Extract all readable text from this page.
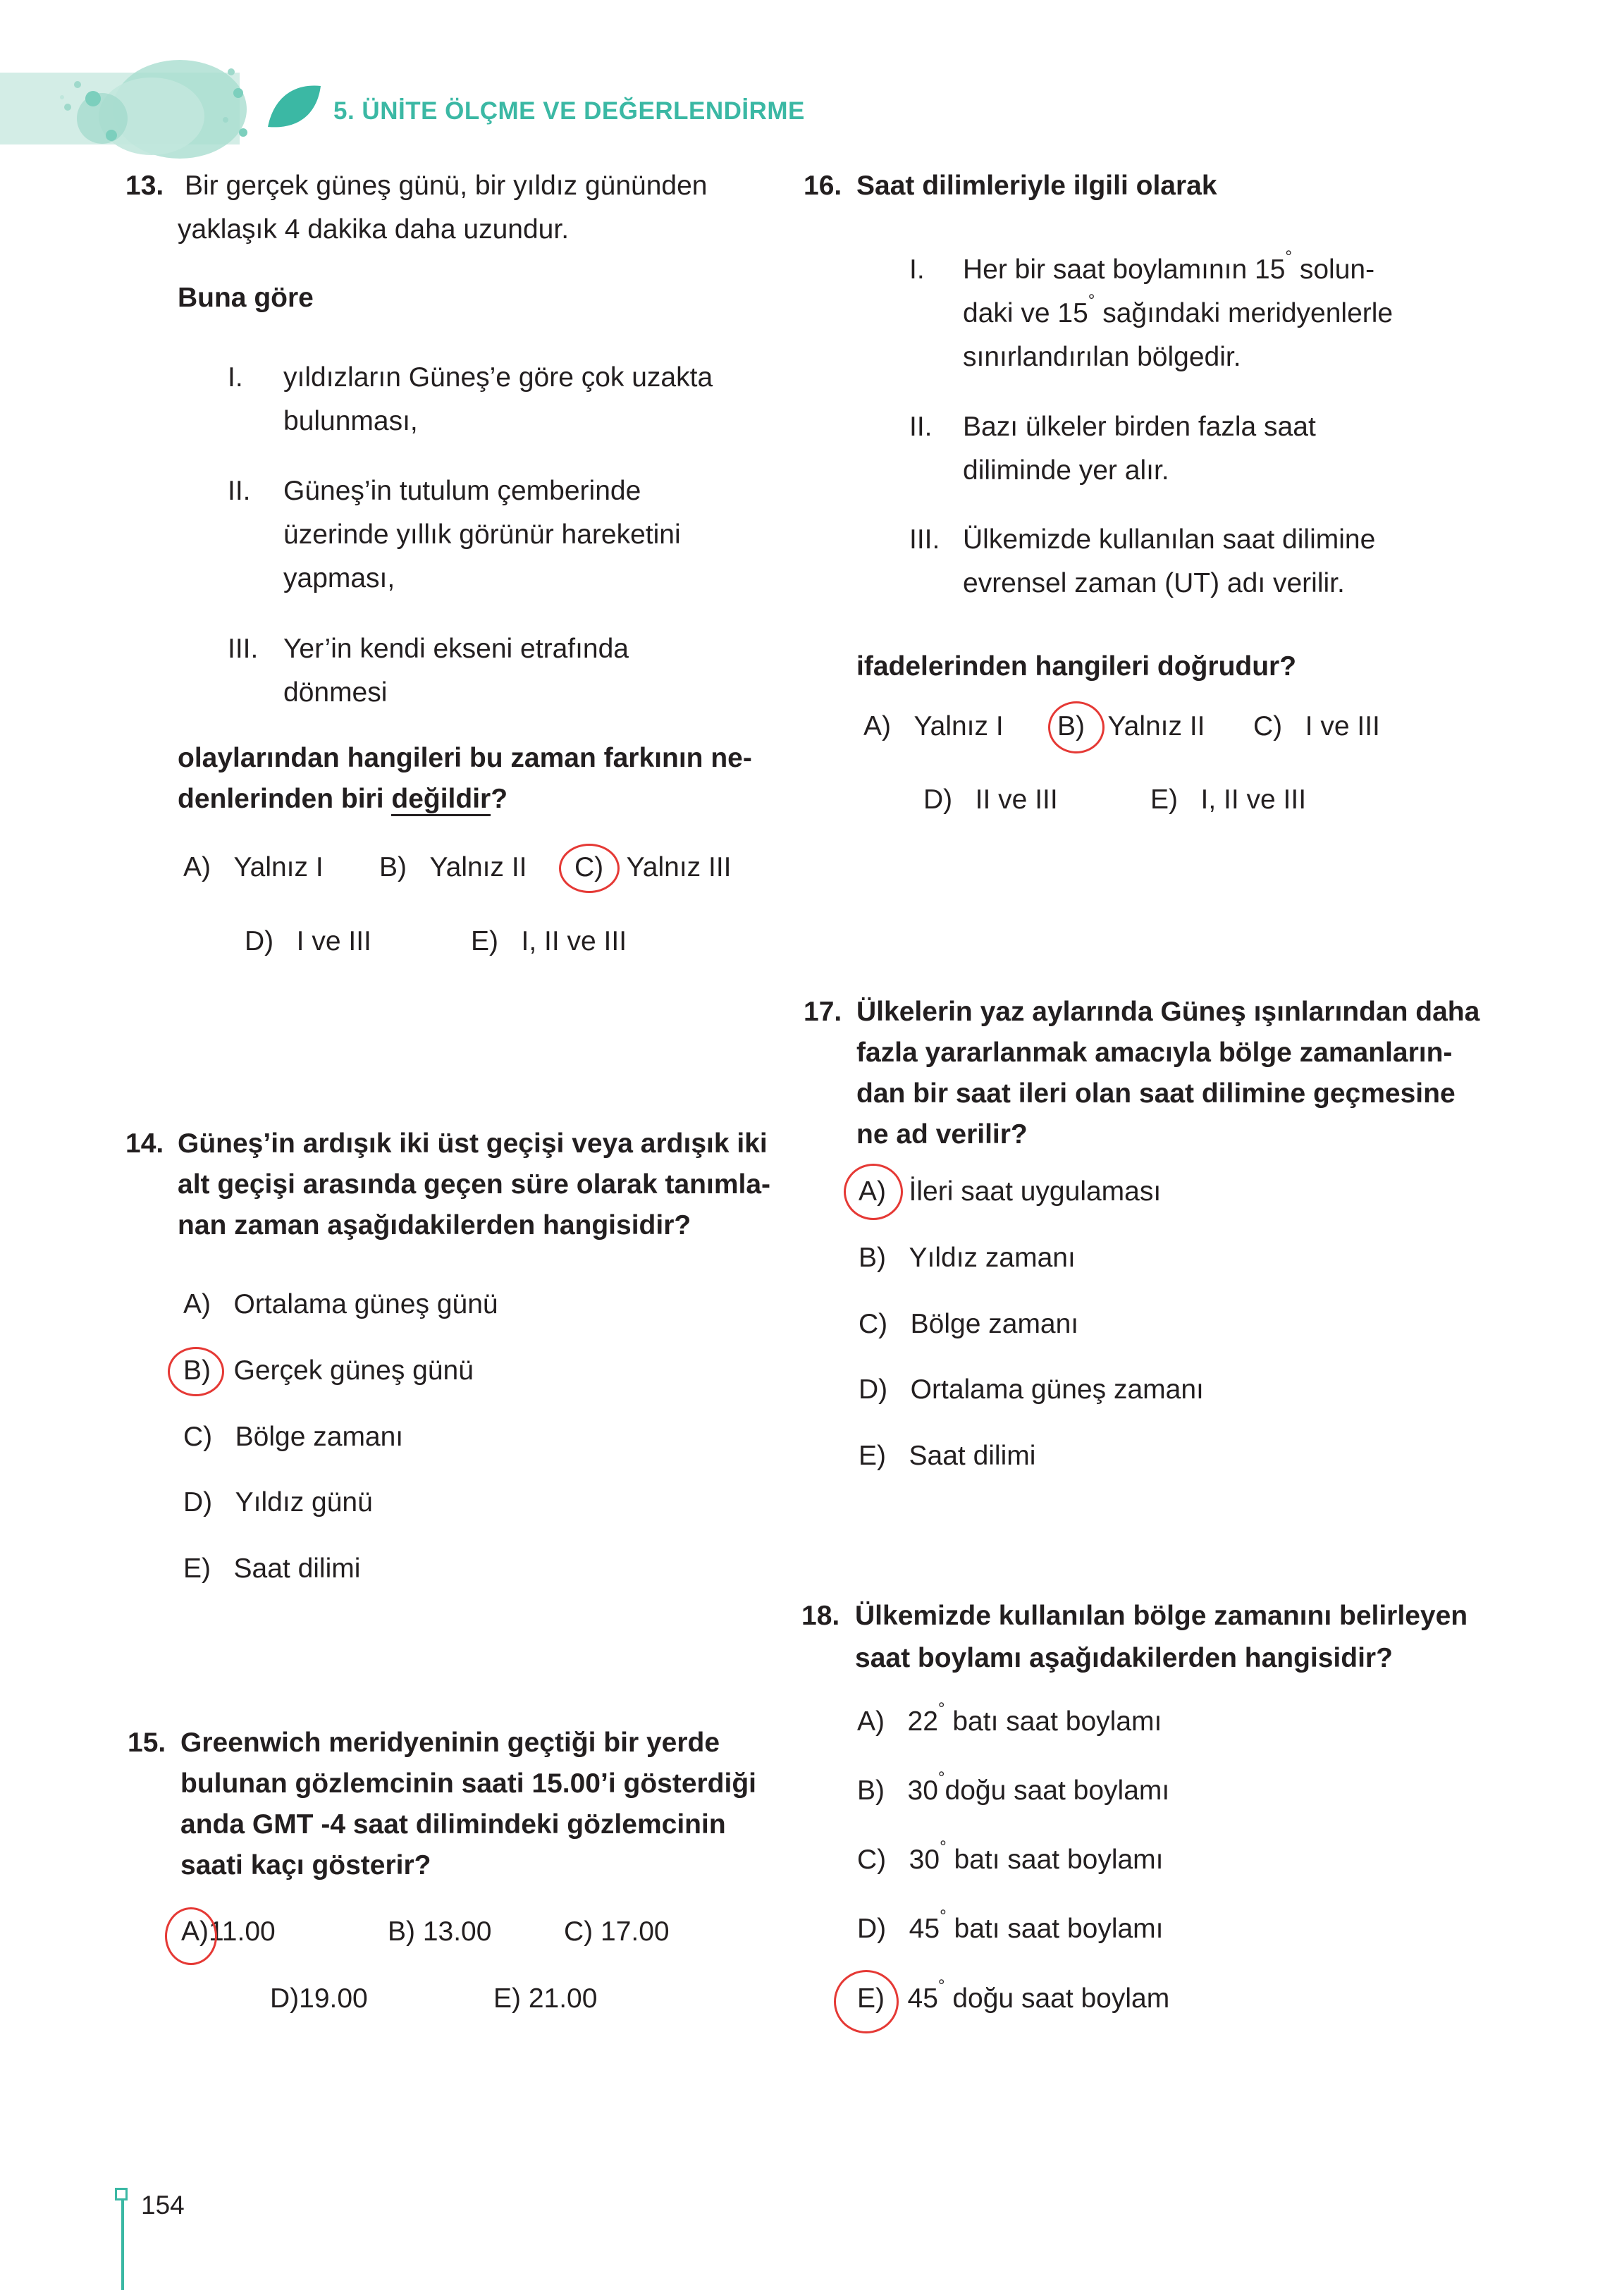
5. ÜNİTE ÖLÇME VE DEĞERLENDİRME
13. Bir gerçek güneş günü, bir yıldız gününden
yaklaşık 4 dakika daha uzundur.
Buna göre
I. yıldızların Güneş’e göre çok uzakta
bulunması,
II. Güneş’in tutulum çemberinde
üzerinde yıllık görünür hareketini
yapması,
III. Yer’in kendi ekseni etrafında
dönmesi
olaylarından hangileri bu zaman farkının ne-
denlerinden biri değildir?
A) Yalnız I B) Yalnız II C) Yalnız III
D) I ve III	E) I, II ve III
14. Güneş’in ardışık iki üst geçişi veya ardışık iki
alt geçişi arasında geçen süre olarak tanımla-
nan zaman aşağıdakilerden hangisidir?
A) Ortalama güneş günü
B) Gerçek güneş günü
C) Bölge zamanı
D) Yıldız günü
E) Saat dilimi
15. Greenwich meridyeninin geçtiği bir yerde
bulunan gözlemcinin saati 15.00’i gösterdiği
anda GMT -4 saat dilimindeki gözlemcinin
saati kaçı gösterir?
A)11.00	B) 13.00	C) 17.00
D)19.00	E) 21.00
16. Saat dilimleriyle ilgili olarak
I. Her bir saat boylamının 15° solun-
daki ve 15° sağındaki meridyenlerle
sınırlandırılan bölgedir.
II. Bazı ülkeler birden fazla saat
diliminde yer alır.
III. Ülkemizde kullanılan saat dilimine
evrensel zaman (UT) adı verilir.
ifadelerinden hangileri doğrudur?
A) Yalnız I B) Yalnız II C) I ve III
D) II ve III	E) I, II ve III
17. Ülkelerin yaz aylarında Güneş ışınlarından daha
fazla yararlanmak amacıyla bölge zamanların-
dan bir saat ileri olan saat dilimine geçmesine
ne ad verilir?
A) İleri saat uygulaması
B) Yıldız zamanı
C) Bölge zamanı
D) Ortalama güneş zamanı
E) Saat dilimi
18. Ülkemizde kullanılan bölge zamanını belirleyen
saat boylamı aşağıdakilerden hangisidir?
A) 22° batı saat boylamı
B) 30°doğu saat boylamı
C) 30° batı saat boylamı
D) 45° batı saat boylamı
E) 45° doğu saat boylam
154
